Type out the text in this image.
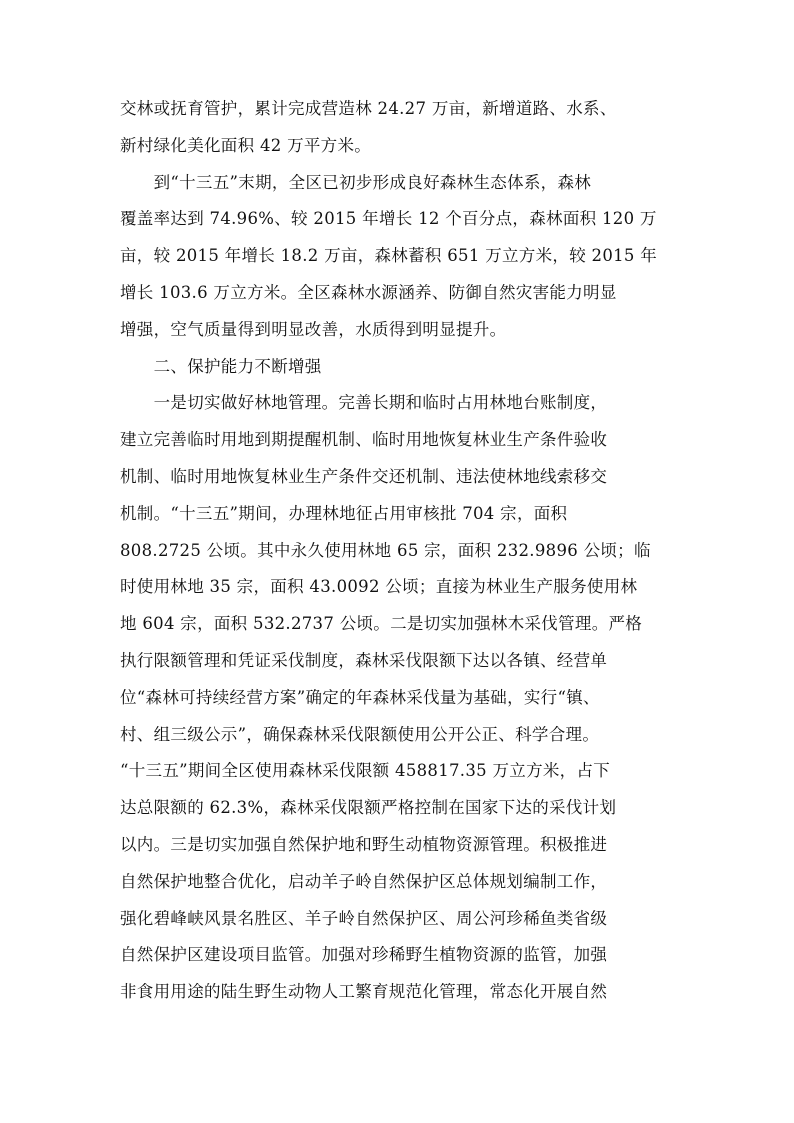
交林或抚育管护，累计完成营造林 24.27 万亩，新增道路、水系、
新村绿化美化面积 42 万平方米。
　　到“十三五”末期，全区已初步形成良好森林生态体系，森林
覆盖率达到 74.96%、较 2015 年增长 12 个百分点，森林面积 120 万
亩，较 2015 年增长 18.2 万亩，森林蓄积 651 万立方米，较 2015 年
增长 103.6 万立方米。全区森林水源涵养、防御自然灾害能力明显
增强，空气质量得到明显改善，水质得到明显提升。
　　二、保护能力不断增强
　　一是切实做好林地管理。完善长期和临时占用林地台账制度，
建立完善临时用地到期提醒机制、临时用地恢复林业生产条件验收
机制、临时用地恢复林业生产条件交还机制、违法使林地线索移交
机制。“十三五”期间，办理林地征占用审核批 704 宗，面积
808.2725 公顷。其中永久使用林地 65 宗，面积 232.9896 公顷；临
时使用林地 35 宗，面积 43.0092 公顷；直接为林业生产服务使用林
地 604 宗，面积 532.2737 公顷。二是切实加强林木采伐管理。严格
执行限额管理和凭证采伐制度，森林采伐限额下达以各镇、经营单
位“森林可持续经营方案”确定的年森林采伐量为基础，实行“镇、
村、组三级公示”，确保森林采伐限额使用公开公正、科学合理。
“十三五”期间全区使用森林采伐限额 458817.35 万立方米，占下
达总限额的 62.3%，森林采伐限额严格控制在国家下达的采伐计划
以内。三是切实加强自然保护地和野生动植物资源管理。积极推进
自然保护地整合优化，启动羊子岭自然保护区总体规划编制工作，
强化碧峰峡风景名胜区、羊子岭自然保护区、周公河珍稀鱼类省级
自然保护区建设项目监管。加强对珍稀野生植物资源的监管，加强
非食用用途的陆生野生动物人工繁育规范化管理，常态化开展自然
